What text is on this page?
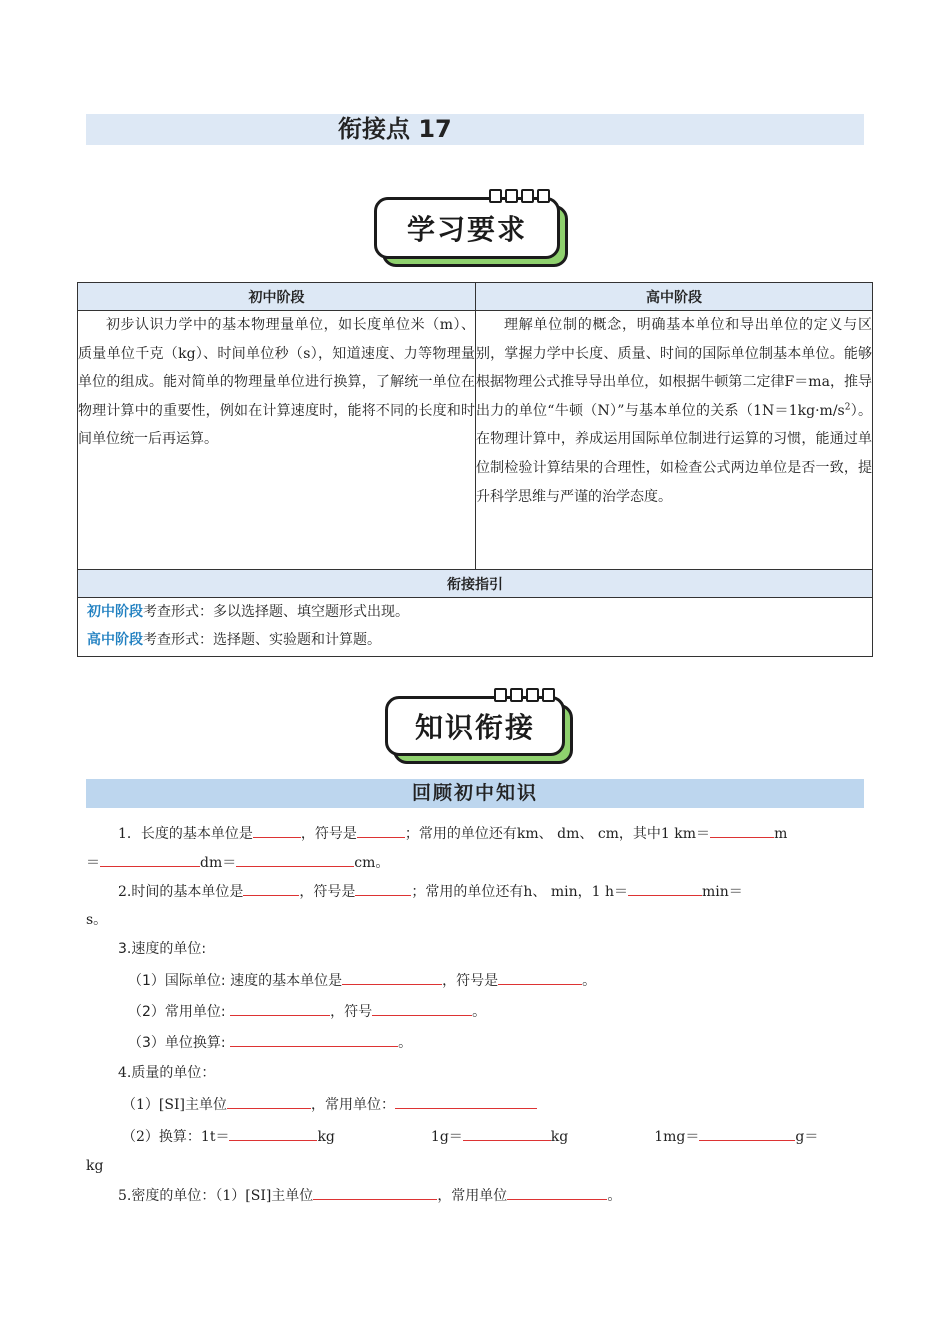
衔接点 17
学习要求
初中阶段	高中阶段
初步认识力学中的基本物理量单位，如长度单位米（m）、质量单位千克（kg）、时间单位秒（s），知道速度、力等物理量单位的组成。能对简单的物理量单位进行换算，了解统一单位在物理计算中的重要性，例如在计算速度时，能将不同的长度和时间单位统一后再运算。	理解单位制的概念，明确基本单位和导出单位的定义与区别，掌握力学中长度、质量、时间的国际单位制基本单位。能够根据物理公式推导导出单位，如根据牛顿第二定律F＝ma，推导出力的单位“牛顿（N）”与基本单位的关系$(1N=1kg\cdot m/s^2)$。在物理计算中，养成运用国际单位制进行运算的习惯，能通过单位制检验计算结果的合理性，如检查公式两边单位是否一致，提升科学思维与严谨的治学态度。
衔接指引	

初中阶段考查形式：多以选择题、填空题形式出现。
高中阶段考查形式：选择题、实验题和计算题。	
知识衔接
回顾初中知识
1．长度的基本单位是	，符号是	；常用的单位还有km、 dm、 cm，其中1 km＝	m
＝	dm＝	cm。
2.时间的基本单位是	，符号是	；常用的单位还有h、 min，1 h＝	min＝
s。
3.速度的单位:
（1）国际单位: 速度的基本单位是	，符号是	。
（2）常用单位:	，符号	。
（3）单位换算:	。
4.质量的单位：
（1）[SI]主单位	，常用单位：
（2）换算：1t＝	kg	1g＝	kg	1mg＝	g＝
kg
5.密度的单位：（1）[SI]主单位	，常用单位	。
